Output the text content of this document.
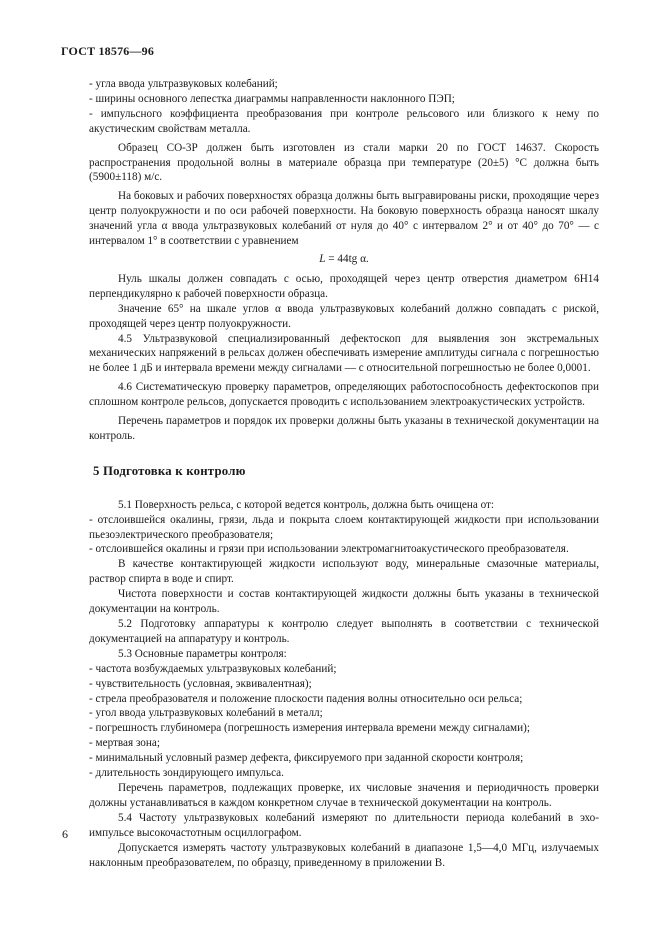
ГОСТ 18576—96

- угла ввода ультразвуковых колебаний;

- ширины основного лепестка диаграммы направленности наклонного ПЭП;

- импульсного коэффициента преобразования при контроле рельсового или близкого к нему по акустическим свойствам металла.

Образец СО-3Р должен быть изготовлен из стали марки 20 по ГОСТ 14637. Скорость распространения продольной волны в материале образца при температуре (20±5) °С должна быть (5900±118) м/с.

На боковых и рабочих поверхностях образца должны быть выгравированы риски, проходящие через центр полуокружности и по оси рабочей поверхности. На боковую поверхность образца наносят шкалу значений угла α ввода ультразвуковых колебаний от нуля до 40° с интервалом 2° и от 40° до 70° — с интервалом 1° в соответствии с уравнением

L = 44tg α.

Нуль шкалы должен совпадать с осью, проходящей через центр отверстия диаметром 6Н14 перпендикулярно к рабочей поверхности образца.

Значение 65° на шкале углов α ввода ультразвуковых колебаний должно совпадать с риской, проходящей через центр полуокружности.

4.5 Ультразвуковой специализированный дефектоскоп для выявления зон экстремальных механических напряжений в рельсах должен обеспечивать измерение амплитуды сигнала с погрешностью не более 1 дБ и интервала времени между сигналами — с относительной погрешностью не более 0,0001.

4.6 Систематическую проверку параметров, определяющих работоспособность дефектоскопов при сплошном контроле рельсов, допускается проводить с использованием электроакустических устройств.

Перечень параметров и порядок их проверки должны быть указаны в технической документации на контроль.

5 Подготовка к контролю

5.1 Поверхность рельса, с которой ведется контроль, должна быть очищена от:

- отслоившейся окалины, грязи, льда и покрыта слоем контактирующей жидкости при использовании пьезоэлектрического преобразователя;

- отслоившейся окалины и грязи при использовании электромагнитоакустического преобразователя.

В качестве контактирующей жидкости используют воду, минеральные смазочные материалы, раствор спирта в воде и спирт.

Чистота поверхности и состав контактирующей жидкости должны быть указаны в технической документации на контроль.

5.2 Подготовку аппаратуры к контролю следует выполнять в соответствии с технической документацией на аппаратуру и контроль.

5.3 Основные параметры контроля:

- частота возбуждаемых ультразвуковых колебаний;

- чувствительность (условная, эквивалентная);

- стрела преобразователя и положение плоскости падения волны относительно оси рельса;

- угол ввода ультразвуковых колебаний в металл;

- погрешность глубиномера (погрешность измерения интервала времени между сигналами);

- мертвая зона;

- минимальный условный размер дефекта, фиксируемого при заданной скорости контроля;

- длительность зондирующего импульса.

Перечень параметров, подлежащих проверке, их числовые значения и периодичность проверки должны устанавливаться в каждом конкретном случае в технической документации на контроль.

5.4 Частоту ультразвуковых колебаний измеряют по длительности периода колебаний в эхо-импульсе высокочастотным осциллографом.

Допускается измерять частоту ультразвуковых колебаний в диапазоне 1,5—4,0 МГц, излучаемых наклонным преобразователем, по образцу, приведенному в приложении В.

6
